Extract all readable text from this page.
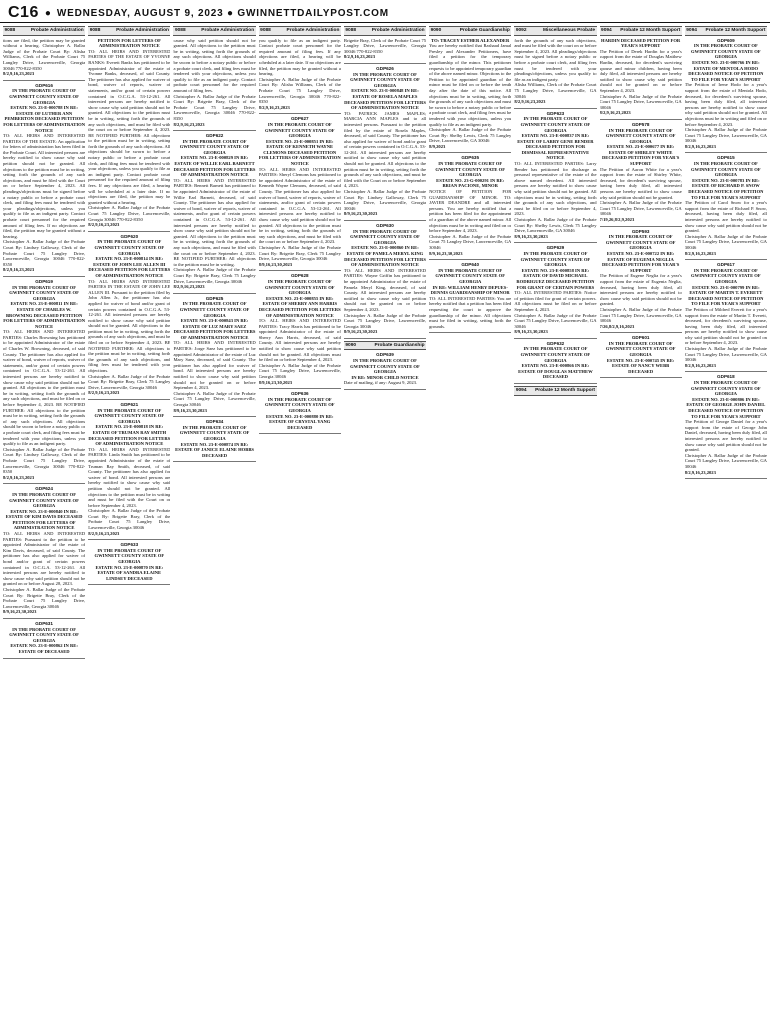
C16 ● WEDNESDAY, AUGUST 9, 2023 ● GWINNETTDAILYPOST.COM
9088	Probate Administration
tions are filed, the petition may be granted without a hearing. Christopher A. Ballar Judge of the Probate Court By: Alisha Williams, Clerk of the Probate Court 75 Langley Drive, Lawrenceville, Georgia 30046 770-822-8350
8/2,9,16,23,2023
GDP616
IN THE PROBATE COURT OF GWINNETT COUNTY STATE OF GEORGIA
ESTATE NO. 23-E-000788 IN RE: ESTATE OF LUTHER ANN PEMBERTON DECEASED PETITION FOR LETTERS OF ADMINISTRATION NOTICE
TO: ALL HEIRS AND INTERESTED PARTIES OF THE ESTATE: An application for letters of administration has been filed in the Probate Court. All interested persons are hereby notified to show cause why said petition should not be granted. All objections to the petition must be in writing, setting forth the grounds of any such objections, and must be filed with the Court on or before September 4, 2023. All pleadings/objections must be signed before a notary public or before a probate court clerk, and filing fees must be tendered with your pleadings/objections, unless you qualify to file as an indigent party. Contact probate court personnel for the required amount of filing fees. If no objections are filed, the petition may be granted without a hearing.
Christopher A. Ballar Judge of the Probate Court By: Lindsey Galloway, Clerk of the Probate Court 75 Langley Drive, Lawrenceville, Georgia 30046 770-822-8350
8/2,9,16,23,2023
GDP619
IN THE PROBATE COURT OF GWINNETT COUNTY STATE OF GEORGIA
ESTATE NO. 23-E-000811 IN RE: ESTATE OF CHARLES W. BROWNING DECEASED PETITION FOR LETTERS OF ADMINISTRATION NOTICE
TO: ALL HEIRS AND INTERESTED PARTIES: Charles Browning has petitioned to be appointed Administrator of the estate of Charles W. Browning, deceased, of said County. The petitioner has also applied for waiver of bond, waiver of reports, waiver of statements, and/or grant of certain powers contained in O.C.G.A. 53-12-261. All interested persons are hereby notified to show cause why said petition should not be granted. All objections to the petition must be in writing, setting forth the grounds of any such objections, and must be filed on or before September 4, 2023. BE NOTIFIED FURTHER: All objections to the petition must be in writing, setting forth the grounds of any such objections. All objections should be sworn to before a notary public or a probate court clerk, and filing fees must be tendered with your objections, unless you qualify to file as an indigent party.
Christopher A. Ballar Judge of the Probate Court By: Lindsey Galloway, Clerk of the Probate Court 75 Langley Drive, Lawrenceville, Georgia 30046 770-822-8350
8/2,9,16,23,2023
GDP624
IN THE PROBATE COURT OF GWINNETT COUNTY STATE OF GEORGIA
ESTATE NO. 23-E-000840 IN RE: ESTATE OF KIM DAVIS DECEASED PETITION FOR LETTERS OF ADMINISTRATION NOTICE
TO: ALL HEIRS AND INTERESTED PARTIES: Pursuant to the petition to be appointed Administrator of the estate of Kim Davis, deceased, of said County. The petitioner has also applied for waiver of bond and/or grant of certain powers contained in O.C.G.A. 53-12-261. All interested persons are hereby notified to show cause why said petition should not be granted on or before August 28, 2023.
Christopher A. Ballar Judge of the Probate Court By: Brigette Bray, Clerk of the Probate Court 75 Langley Drive, Lawrenceville, Georgia 30046
8/9,16,23,30,2023
GDP631
IN THE PROBATE COURT OF GWINNETT COUNTY STATE OF GEORGIA
ESTATE NO. 23-E-000862 IN RE: ESTATE OF DECEASED
9088	Probate Administration
PETITION FOR LETTERS OF ADMINISTRATION NOTICE
TO: ALL HEIRS AND INTERESTED PARTIES OF THE ESTATE OF YVONNE BANKS: Everett Banks has petitioned to be appointed Administrator of the estate of Yvonne Banks, deceased, of said County. The petitioner has also applied for waiver of bond, waiver of reports, waiver of statements, and/or grant of certain powers contained in O.C.G.A. 53-12-261. All interested persons are hereby notified to show cause why said petition should not be granted. All objections to the petition must be in writing, setting forth the grounds of any such objections, and must be filed with the court on or before September 4, 2023. BE NOTIFIED FURTHER: All objections to the petition must be in writing, setting forth the grounds of any such objections. All objections should be sworn to before a notary public or before a probate court clerk, and filing fees must be tendered with your objections, unless you qualify to file as an indigent party. Contact probate court personnel for the required amount of filing fees. If any objections are filed, a hearing will be scheduled at a later date. If no objections are filed, the petition may be granted without a hearing.
Christopher A. Ballar Judge of the Probate Court 75 Langley Drive, Lawrenceville, Georgia 30046 770-822-8350
8/2,9,16,23,2023
GDP620
IN THE PROBATE COURT OF GWINNETT COUNTY STATE OF GEORGIA
ESTATE NO. 23-E-000814 IN RE: ESTATE OF JOHN LEE ALLEN III DECEASED PETITION FOR LETTERS OF ADMINISTRATION NOTICE
TO: ALL HEIRS AND INTERESTED PARTIES IN THE ESTATE OF JOHN LEE ALLEN III. Pursuant to the petition filed by John Allen Jr., the petitioner has also applied for waiver of bond and/or grant of certain powers contained in O.C.G.A. 53-12-261. All interested persons are hereby notified to show cause why said petition should not be granted. All objections to the petition must be in writing, setting forth the grounds of any such objections, and must be filed on or before September 4, 2023. BE NOTIFIED FURTHER: All objections to the petition must be in writing, setting forth the grounds of any such objections, and filing fees must be tendered with your objections.
Christopher A. Ballar Judge of the Probate Court By: Brigette Bray, Clerk 75 Langley Drive, Lawrenceville, Georgia 30046
8/2,9,16,23,2023
GDP621
IN THE PROBATE COURT OF GWINNETT COUNTY STATE OF GEORGIA
ESTATE NO. 23-E-000818 IN RE: ESTATE OF TRUMAN RAY SMITH DECEASED PETITION FOR LETTERS OF ADMINISTRATION NOTICE
TO: ALL HEIRS AND INTERESTED PARTIES: Linda Smith has petitioned to be appointed Administrator of the estate of Truman Ray Smith, deceased, of said County. The petitioner has also applied for waiver of bond. All interested persons are hereby notified to show cause why said petition should not be granted. All objections to the petition must be in writing and must be filed with the Court on or before September 4, 2023.
Christopher A. Ballar Judge of the Probate Court By: Brigette Bray, Clerk of the Probate Court 75 Langley Drive, Lawrenceville, Georgia 30046
8/2,9,16,23,2023
GDP633
IN THE PROBATE COURT OF GWINNETT COUNTY STATE OF GEORGIA
ESTATE NO. 23-E-000870 IN RE: ESTATE OF SANDRA ELAINE LINDSEY DECEASED
9088	Probate Administration
cause why said petition should not be granted. All objections to the petition must be in writing, setting forth the grounds of any such objections. All objections should be sworn to before a notary public or before a probate court clerk, and filing fees must be tendered with your objections, unless you qualify to file as an indigent party. Contact probate court personnel for the required amount of filing fees.
Christopher A. Ballar Judge of the Probate Court By: Brigette Bray, Clerk of the Probate Court 75 Langley Drive, Lawrenceville, Georgia 30046 770-822-8350
8/2,9,16,23,2023
GDP622
IN THE PROBATE COURT OF GWINNETT COUNTY STATE OF GEORGIA
ESTATE NO. 23-E-000829 IN RE: ESTATE OF WILLIE EARL BARNETT DECEASED PETITION FOR LETTERS OF ADMINISTRATION NOTICE
TO: ALL HEIRS AND INTERESTED PARTIES: Bennett Barnett has petitioned to be appointed Administrator of the estate of Willie Earl Barnett, deceased, of said County. The petitioner has also applied for waiver of bond, waiver of reports, waiver of statements, and/or grant of certain powers contained in O.C.G.A. 53-12-261. All interested persons are hereby notified to show cause why said petition should not be granted. All objections to the petition must be in writing, setting forth the grounds of any such objections, and must be filed with the court on or before September 4, 2023. BE NOTIFIED FURTHER: All objections to the petition must be in writing.
Christopher A. Ballar Judge of the Probate Court By: Brigette Bray, Clerk 75 Langley Drive, Lawrenceville, Georgia 30046
8/2,9,16,23,2023
GDP625
IN THE PROBATE COURT OF GWINNETT COUNTY STATE OF GEORGIA
ESTATE NO. 23-E-000843 IN RE: ESTATE OF LUZ MARY SAEZ DECEASED PETITION FOR LETTERS OF ADMINISTRATION NOTICE
TO: ALL HEIRS AND INTERESTED PARTIES: Jorge Saez has petitioned to be appointed Administrator of the estate of Luz Mary Saez, deceased, of said County. The petitioner has also applied for waiver of bond. All interested persons are hereby notified to show cause why said petition should not be granted on or before September 4, 2023.
Christopher A. Ballar Judge of the Probate Court 75 Langley Drive, Lawrenceville, Georgia 30046
8/9,16,23,30,2023
GDP634
IN THE PROBATE COURT OF GWINNETT COUNTY STATE OF GEORGIA
ESTATE NO. 23-E-000874 IN RE: ESTATE OF JANICE ELAINE HOBBS DECEASED
9088	Probate Administration
you qualify to file as an indigent party. Contact probate court personnel for the required amount of filing fees. If any objections are filed, a hearing will be scheduled at a later date. If no objections are filed, the petition may be granted without a hearing.
Christopher A. Ballar Judge of the Probate Court By: Alisha Williams, Clerk of the Probate Court 75 Langley Drive, Lawrenceville, Georgia 30046 770-822-8350
8/2,9,16,23,2023
GDP627
IN THE PROBATE COURT OF GWINNETT COUNTY STATE OF GEORGIA
ESTATE NO. 23-E-000851 IN RE: ESTATE OF KENNETH WAYNE CLEMONS DECEASED PETITION FOR LETTERS OF ADMINISTRATION NOTICE
TO: ALL HEIRS AND INTERESTED PARTIES: Sheryl Clemons has petitioned to be appointed Administrator of the estate of Kenneth Wayne Clemons, deceased, of said County. The petitioner has also applied for waiver of bond, waiver of reports, waiver of statements, and/or grant of certain powers contained in O.C.G.A. 53-12-261. All interested persons are hereby notified to show cause why said petition should not be granted. All objections to the petition must be in writing, setting forth the grounds of any such objections, and must be filed with the court on or before September 4, 2023.
Christopher A. Ballar Judge of the Probate Court By: Brigette Bray, Clerk 75 Langley Drive, Lawrenceville, Georgia 30046
8/9,16,23,30,2023
GDP628
IN THE PROBATE COURT OF GWINNETT COUNTY STATE OF GEORGIA
ESTATE NO. 23-E-000855 IN RE: ESTATE OF SHERRY ANN HARRIS DECEASED PETITION FOR LETTERS OF ADMINISTRATION NOTICE
TO: ALL HEIRS AND INTERESTED PARTIES: Tracy Harris has petitioned to be appointed Administrator of the estate of Sherry Ann Harris, deceased, of said County. All interested persons are hereby notified to show cause why said petition should not be granted. All objections must be filed on or before September 4, 2023.
Christopher A. Ballar Judge of the Probate Court 75 Langley Drive, Lawrenceville, Georgia 30046
8/9,16,23,30,2023
GDP636
IN THE PROBATE COURT OF GWINNETT COUNTY STATE OF GEORGIA
ESTATE NO. 23-E-000880 IN RE: ESTATE OF CRYSTAL YANG DECEASED
9088	Probate Administration
Brigette Bray, Clerk of the Probate Court 75 Langley Drive, Lawrenceville, Georgia 30046 770-822-8350
8/2,9,16,23,2023
GDP626
IN THE PROBATE COURT OF GWINNETT COUNTY STATE OF GEORGIA
ESTATE NO. 23-E-000848 IN RE: ESTATE OF ROSELA MAPLES DECEASED PETITION FOR LETTERS OF ADMINISTRATION NOTICE
TO: PATRICK JAMES MAPLES; MARCIA ANN MAPLES and to all interested persons. Pursuant to the petition filed by the estate of Rosela Maples, deceased, of said County. The petitioner has also applied for waiver of bond and/or grant of certain powers contained in O.C.G.A. 53-12-261. All interested persons are hereby notified to show cause why said petition should not be granted. All objections to the petition must be in writing, setting forth the grounds of any such objections, and must be filed with the Court on or before September 4, 2023.
Christopher A. Ballar Judge of the Probate Court By: Lindsey Galloway, Clerk 75 Langley Drive, Lawrenceville, Georgia 30046
8/9,16,23,30,2023
GDP630
IN THE PROBATE COURT OF GWINNETT COUNTY STATE OF GEORGIA
ESTATE NO. 23-E-000860 IN RE: ESTATE OF PAMELA MERYL KING DECEASED PETITION FOR LETTERS OF ADMINISTRATION NOTICE
TO: ALL HEIRS AND INTERESTED PARTIES: Wayne Griffin has petitioned to be appointed Administrator of the estate of Pamela Meryl King, deceased, of said County. All interested persons are hereby notified to show cause why said petition should not be granted on or before September 4, 2023.
Christopher A. Ballar Judge of the Probate Court 75 Langley Drive, Lawrenceville, Georgia 30046
8/9,16,23,30,2023
9090	Probate Guardianship
GDP639
IN THE PROBATE COURT OF GWINNETT COUNTY STATE OF GEORGIA
IN RE: MINOR CHILD NOTICE
Date of mailing, if any: August 9, 2023.
9090	Probate Guardianship
TO: TRACEY ESTHER ALEXANDER
You are hereby notified that Rashaad Jamal Presley and Alexander Petitioners, have filed a petition for the temporary guardianship of the minor. This petitioner requests to be appointed temporary guardian of the above named minor. Objections to the Petition to be appointed guardian of the minor must be filed on or before the tenth day after the date of this notice. All objections must be in writing, setting forth the grounds of any such objections and must be sworn to before a notary public or before a probate court clerk, and filing fees must be tendered with your objections, unless you qualify to file as an indigent party.
Christopher A. Ballar Judge of the Probate Court By: Shelby Lewis, Clerk 75 Langley Drive, Lawrenceville, GA 30046
8/9,2023
GDP635
IN THE PROBATE COURT OF GWINNETT COUNTY STATE OF GEORGIA
ESTATE NO. 23-G-000291 IN RE: BRIAN PACIONE, MINOR
NOTICE OF PETITION FOR GUARDIANSHIP OF MINOR. TO: JAVIER DEANDRE and all interested persons. You are hereby notified that a petition has been filed for the appointment of a guardian of the above named minor. All objections must be in writing and filed on or before September 4, 2023.
Christopher A. Ballar Judge of the Probate Court 75 Langley Drive, Lawrenceville, GA 30046
8/9,16,23,30,2023
GDP640
IN THE PROBATE COURT OF GWINNETT COUNTY STATE OF GEORGIA
IN RE: WILLIAM HENRY DEPUES-DENNIS GUARDIANSHIP OF MINOR
TO: ALL INTERESTED PARTIES: You are hereby notified that a petition has been filed requesting the court to approve the guardianship of the minor. All objections must be filed in writing, setting forth the grounds.
9092	Miscellaneous Probate
forth the grounds of any such objections, and must be filed with the court on or before September 4, 2023. All pleadings/objections must be signed before a notary public or before a probate court clerk, and filing fees must be tendered with your pleadings/objections, unless you qualify to file as an indigent party.
Alisha Williams, Clerk of the Probate Court 75 Langley Drive, Lawrenceville, GA 30046
8/2,9,16,23,2023
GDP623
IN THE PROBATE COURT OF GWINNETT COUNTY STATE OF GEORGIA
ESTATE NO. 23-E-000837 IN RE: ESTATE OF LARRY GENE BENDER DECEASED PETITION FOR DISMISSAL REPRESENTATIVE NOTICE
TO: ALL INTERESTED PARTIES: Larry Bender has petitioned for discharge as personal representative of the estate of the above named decedent. All interested persons are hereby notified to show cause why said petition should not be granted. All objections must be in writing, setting forth the grounds of any such objections, and must be filed on or before September 4, 2023.
Christopher A. Ballar Judge of the Probate Court By: Shelby Lewis, Clerk 75 Langley Drive, Lawrenceville, GA 30046
8/9,16,23,30,2023
GDP629
IN THE PROBATE COURT OF GWINNETT COUNTY STATE OF GEORGIA
ESTATE NO. 23-E-000858 IN RE: ESTATE OF DAVID MICHAEL RODRIGUEZ DECEASED PETITION FOR GRANT OF CERTAIN POWERS
TO: ALL INTERESTED PARTIES: Notice of petition filed for grant of certain powers. All objections must be filed on or before September 4, 2023.
Christopher A. Ballar Judge of the Probate Court 75 Langley Drive, Lawrenceville, GA 30046
8/9,16,23,30,2023
GDP632
IN THE PROBATE COURT OF GWINNETT COUNTY STATE OF GEORGIA
ESTATE NO. 23-E-000866 IN RE: ESTATE OF DOUGLAS MATTHEW DECEASED
9094 Probate 12 Month Support
9094 Probate 12 Month Support
HARDIN DECEASED PETITION FOR YEAR'S SUPPORT
The Petition of Derek Hardin for a year's support from the estate of Douglas Matthew Hardin, deceased, for decedent's surviving spouse and minor children, having been duly filed, all interested persons are hereby notified to show cause why said petition should not be granted on or before September 4, 2023.
Christopher A. Ballar Judge of the Probate Court 75 Langley Drive, Lawrenceville, GA 30046
8/2,9,16,23,2023
GDP578
IN THE PROBATE COURT OF GWINNETT COUNTY STATE OF GEORGIA
ESTATE NO. 23-E-000677 IN RE: ESTATE OF SHIRLEY WHITE DECEASED PETITION FOR YEAR'S SUPPORT
The Petition of Aaron White for a year's support from the estate of Shirley White, deceased, for decedent's surviving spouse, having been duly filed, all interested persons are hereby notified to show cause why said petition should not be granted.
Christopher A. Ballar Judge of the Probate Court 75 Langley Drive, Lawrenceville, GA 30046
7/19,26,8/2,9,2023
GDP593
IN THE PROBATE COURT OF GWINNETT COUNTY STATE OF GEORGIA
ESTATE NO. 23-E-000722 IN RE: ESTATE OF EUGENIA NEGLIA DECEASED PETITION FOR YEAR'S SUPPORT
The Petition of Eugene Neglia for a year's support from the estate of Eugenia Neglia, deceased, having been duly filed, all interested persons are hereby notified to show cause why said petition should not be granted.
Christopher A. Ballar Judge of the Probate Court 75 Langley Drive, Lawrenceville, GA 30046
7/26,8/2,9,16,2023
GDP601
IN THE PROBATE COURT OF GWINNETT COUNTY STATE OF GEORGIA
ESTATE NO. 23-E-000745 IN RE: ESTATE OF NANCY WEBB DECEASED
9094 Probate 12 Month Support
GDP609
IN THE PROBATE COURT OF GWINNETT COUNTY STATE OF GEORGIA
ESTATE NO. 23-E-000766 IN RE: ESTATE OF MENTOLA HODO DECEASED NOTICE OF PETITION TO FILE FOR YEAR'S SUPPORT
The Petition of Irene Hodo for a year's support from the estate of Mentola Hodo, deceased, for decedent's surviving spouse, having been duly filed, all interested persons are hereby notified to show cause why said petition should not be granted. All objections must be in writing and filed on or before September 4, 2023.
Christopher A. Ballar Judge of the Probate Court 75 Langley Drive, Lawrenceville, GA 30046
8/2,9,16,23,2023
GDP615
IN THE PROBATE COURT OF GWINNETT COUNTY STATE OF GEORGIA
ESTATE NO. 23-E-000783 IN RE: ESTATE OF RICHARD P. SNOW DECEASED NOTICE OF PETITION TO FILE FOR YEAR'S SUPPORT
The Petition of Carol Snow for a year's support from the estate of Richard P. Snow, deceased, having been duly filed, all interested persons are hereby notified to show cause why said petition should not be granted.
Christopher A. Ballar Judge of the Probate Court 75 Langley Drive, Lawrenceville, GA 30046
8/2,9,16,23,2023
GDP617
IN THE PROBATE COURT OF GWINNETT COUNTY STATE OF GEORGIA
ESTATE NO. 23-E-000799 IN RE: ESTATE OF MARTIN T. EVERETT DECEASED NOTICE OF PETITION TO FILE FOR YEAR'S SUPPORT
The Petition of Mildred Everett for a year's support from the estate of Martin T. Everett, deceased, for decedent's surviving spouse, having been duly filed, all interested persons are hereby notified to show cause why said petition should not be granted on or before September 4, 2023.
Christopher A. Ballar Judge of the Probate Court 75 Langley Drive, Lawrenceville, GA 30046
8/2,9,16,23,2023
GDP618
IN THE PROBATE COURT OF GWINNETT COUNTY STATE OF GEORGIA
ESTATE NO. 23-E-000806 IN RE: ESTATE OF GEORGE JOHN DANIEL DECEASED NOTICE OF PETITION TO FILE FOR YEAR'S SUPPORT
The Petition of George Daniel for a year's support from the estate of George John Daniel, deceased, having been duly filed, all interested persons are hereby notified to show cause why said petition should not be granted.
Christopher A. Ballar Judge of the Probate Court 75 Langley Drive, Lawrenceville, GA 30046
8/2,9,16,23,2023
